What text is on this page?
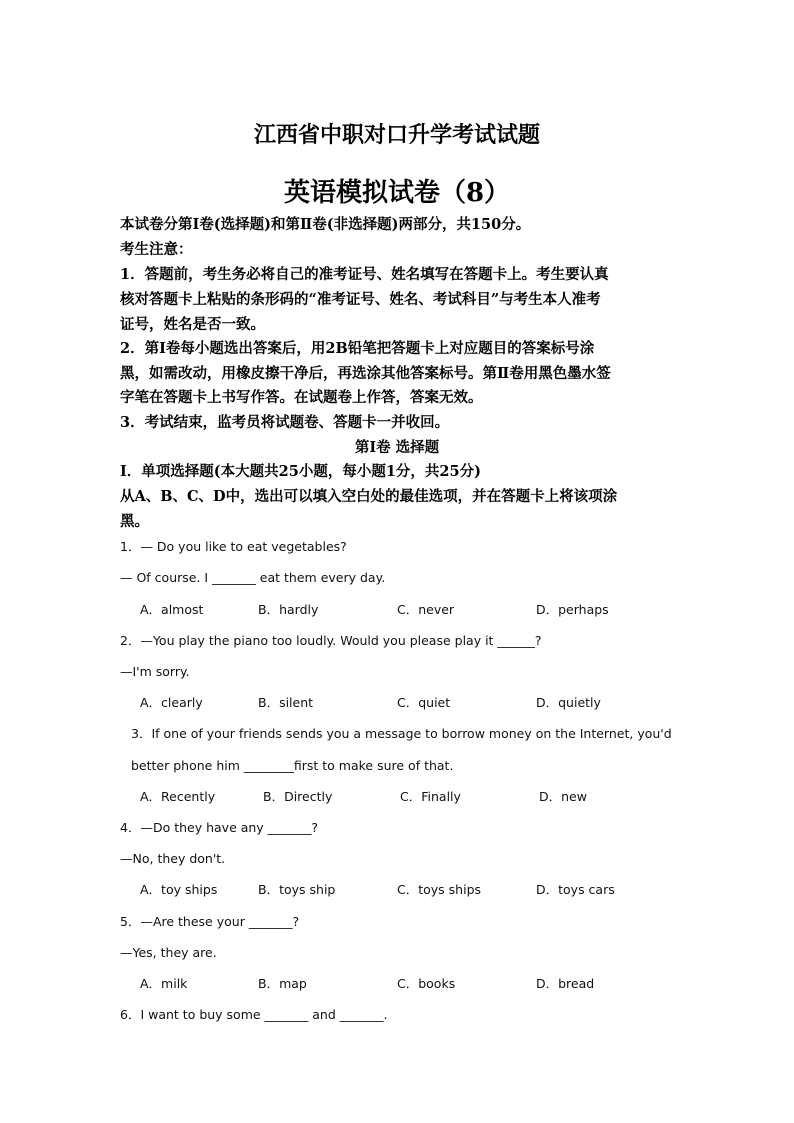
江西省中职对口升学考试试题
英语模拟试卷（8）
本试卷分第Ⅰ卷(选择题)和第Ⅱ卷(非选择题)两部分，共150分。
考生注意：
1．答题前，考生务必将自己的准考证号、姓名填写在答题卡上。考生要认真
核对答题卡上粘贴的条形码的“准考证号、姓名、考试科目”与考生本人准考
证号，姓名是否一致。
2．第Ⅰ卷每小题选出答案后，用2B铅笔把答题卡上对应题目的答案标号涂
黑，如需改动，用橡皮擦干净后，再选涂其他答案标号。第Ⅱ卷用黑色墨水签
字笔在答题卡上书写作答。在试题卷上作答，答案无效。
3．考试结束，监考员将试题卷、答题卡一并收回。
第Ⅰ卷 选择题
Ⅰ．单项选择题(本大题共25小题，每小题1分，共25分)
从A、B、C、D中，选出可以填入空白处的最佳选项，并在答题卡上将该项涂
黑。
1．— Do you like to eat vegetables?
— Of course. I _______ eat them every day.
A．almost	B．hardly	C．never	D．perhaps
2．—You play the piano too loudly. Would you please play it ______?
—I'm sorry.
A．clearly	B．silent	C．quiet	D．quietly
3．If one of your friends sends you a message to borrow money on the Internet, you'd
better phone him ________first to make sure of that.
A．Recently	B．Directly	C．Finally	D．new
4．—Do they have any _______?
—No, they don't.
A．toy ships	B．toys ship	C．toys ships	D．toys cars
5．—Are these your _______?
—Yes, they are.
A．milk	B．map	C．books	D．bread
6．I want to buy some _______ and _______.
